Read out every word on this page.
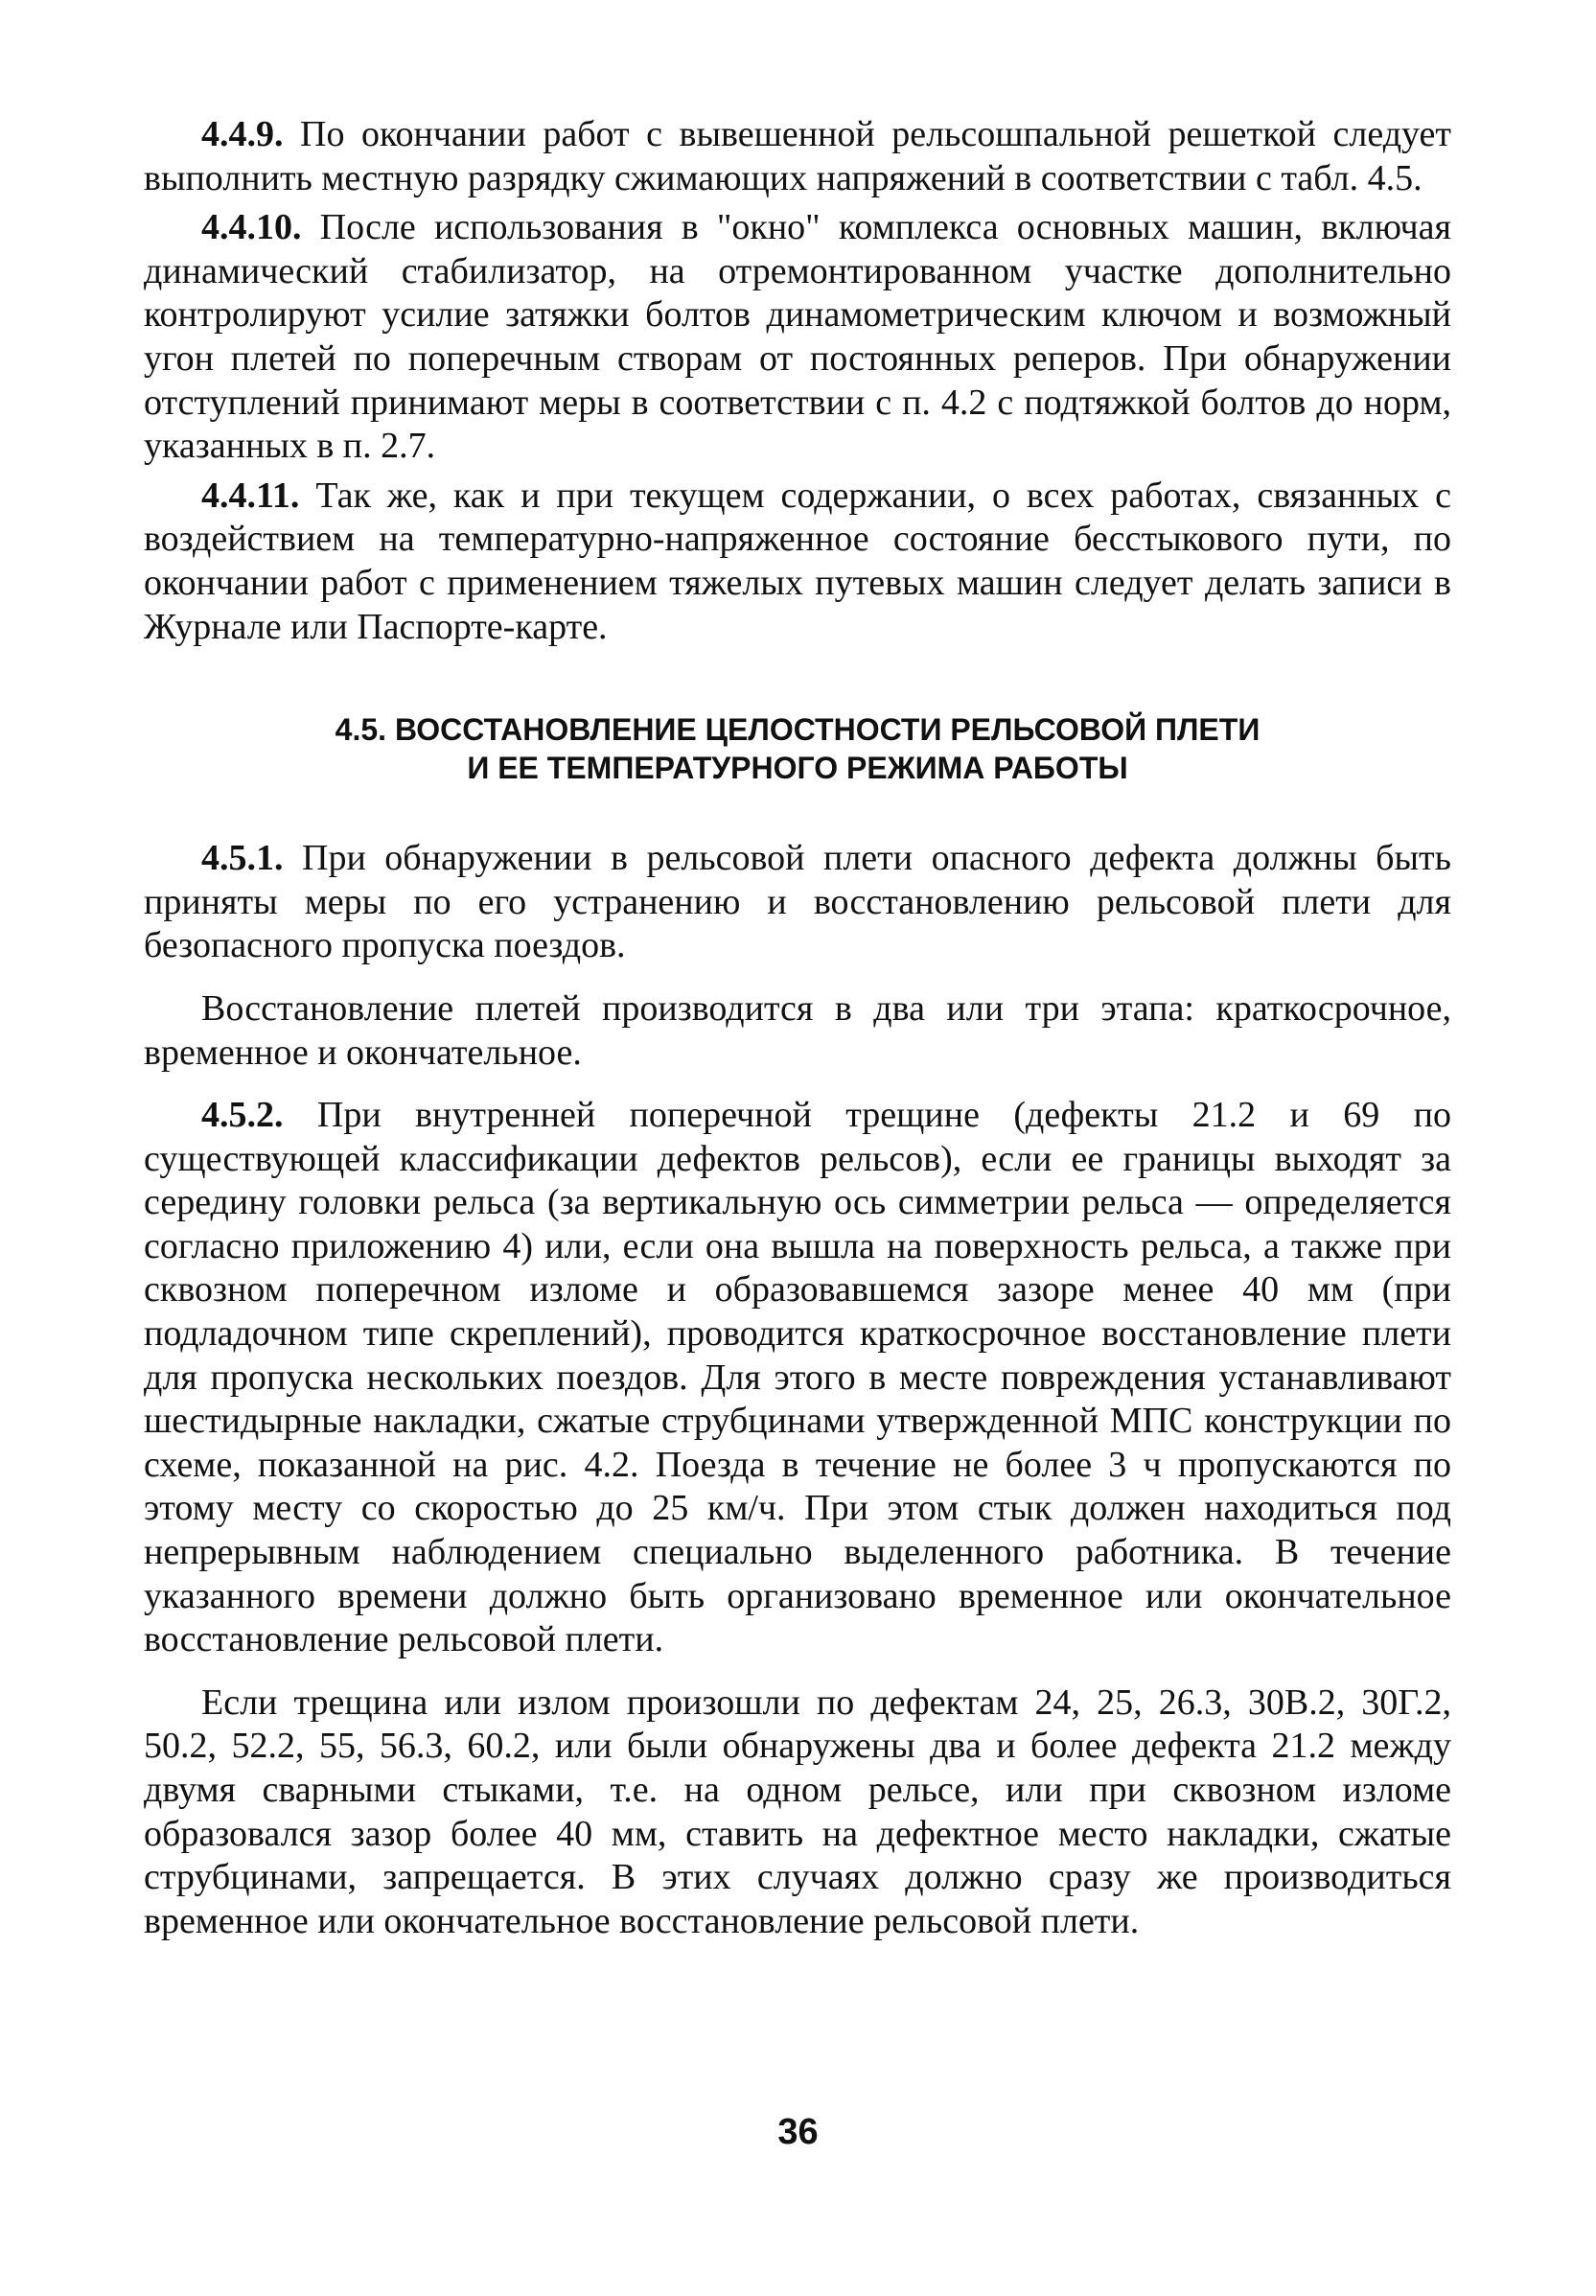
4.4.9. По окончании работ с вывешенной рельсошпальной решеткой следует выполнить местную разрядку сжимающих напряжений в соответствии с табл. 4.5.

4.4.10. После использования в "окно" комплекса основных машин, включая динамический стабилизатор, на отремонтированном участке дополнительно контролируют усилие затяжки болтов динамометрическим ключом и возможный угон плетей по поперечным створам от постоянных реперов. При обнаружении отступлений принимают меры в соответствии с п. 4.2 с подтяжкой болтов до норм, указанных в п. 2.7.

4.4.11. Так же, как и при текущем содержании, о всех работах, связанных с воздействием на температурно-напряженное состояние бесстыкового пути, по окончании работ с применением тяжелых путевых машин следует делать записи в Журнале или Паспорте-карте.

4.5. ВОССТАНОВЛЕНИЕ ЦЕЛОСТНОСТИ РЕЛЬСОВОЙ ПЛЕТИ
И ЕЕ ТЕМПЕРАТУРНОГО РЕЖИМА РАБОТЫ

4.5.1. При обнаружении в рельсовой плети опасного дефекта должны быть приняты меры по его устранению и восстановлению рельсовой плети для безопасного пропуска поездов.

Восстановление плетей производится в два или три этапа: краткосрочное, временное и окончательное.

4.5.2. При внутренней поперечной трещине (дефекты 21.2 и 69 по существующей классификации дефектов рельсов), если ее границы выходят за середину головки рельса (за вертикальную ось симметрии рельса — определяется согласно приложению 4) или, если она вышла на поверхность рельса, а также при сквозном поперечном изломе и образовавшемся зазоре менее 40 мм (при подладочном типе скреплений), проводится краткосрочное восстановление плети для пропуска нескольких поездов. Для этого в месте повреждения устанавливают шестидырные накладки, сжатые струбцинами утвержденной МПС конструкции по схеме, показанной на рис. 4.2. Поезда в течение не более 3 ч пропускаются по этому месту со скоростью до 25 км/ч. При этом стык должен находиться под непрерывным наблюдением специально выделенного работника. В течение указанного времени должно быть организовано временное или окончательное восстановление рельсовой плети.

Если трещина или излом произошли по дефектам 24, 25, 26.3, 30В.2, 30Г.2, 50.2, 52.2, 55, 56.3, 60.2, или были обнаружены два и более дефекта 21.2 между двумя сварными стыками, т.е. на одном рельсе, или при сквозном изломе образовался зазор более 40 мм, ставить на дефектное место накладки, сжатые струбцинами, запрещается. В этих случаях должно сразу же производиться временное или окончательное восстановление рельсовой плети.

36
